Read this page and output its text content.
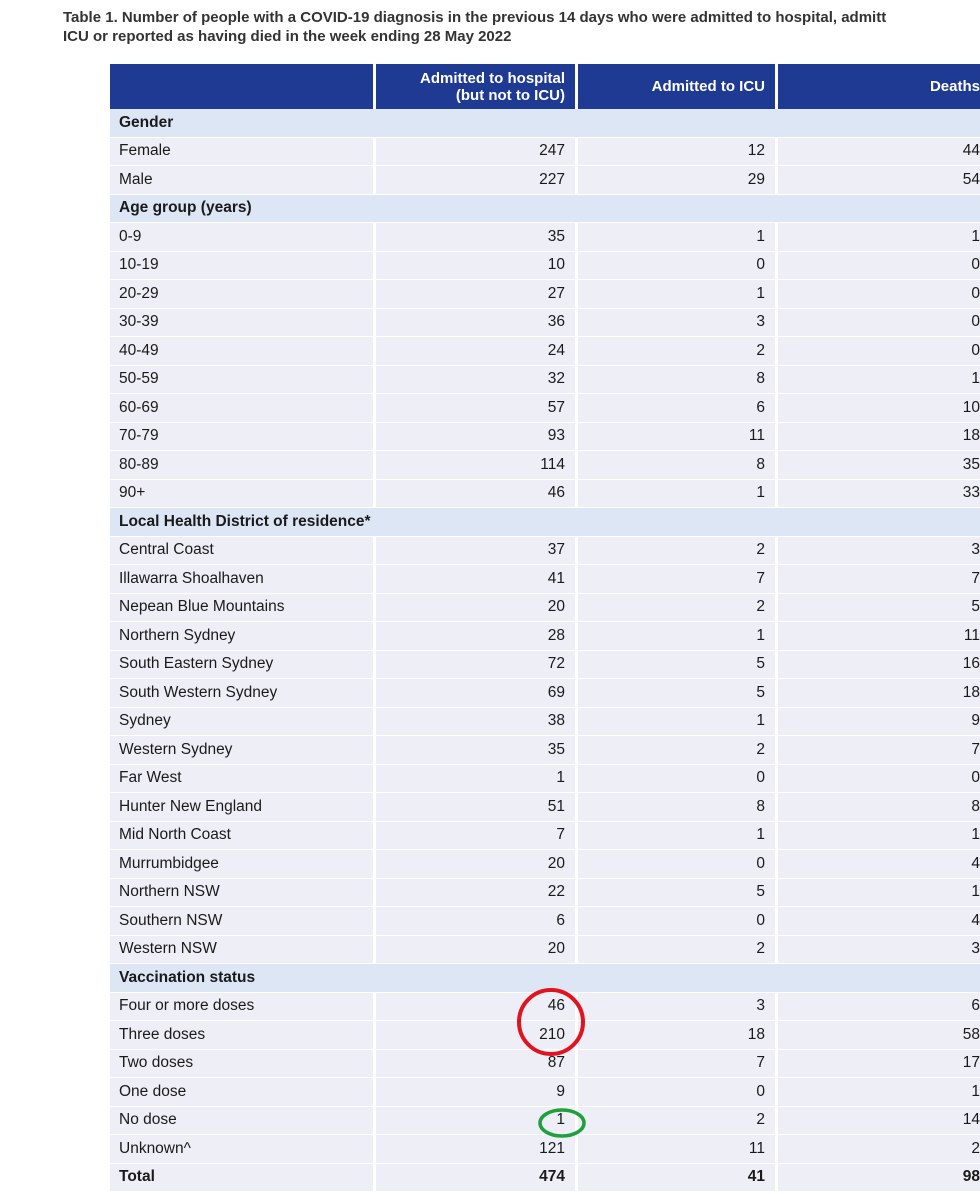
Table 1. Number of people with a COVID-19 diagnosis in the previous 14 days who were admitted to hospital, admitt
ICU or reported as having died in the week ending 28 May 2022

	Admitted to hospital
(but not to ICU)	Admitted to ICU	Deaths
Gender			
Female	247	12	44
Male	227	29	54
Age group (years)			
0-9	35	1	1
10-19	10	0	0
20-29	27	1	0
30-39	36	3	0
40-49	24	2	0
50-59	32	8	1
60-69	57	6	10
70-79	93	11	18
80-89	114	8	35
90+	46	1	33
Local Health District of residence*			
Central Coast	37	2	3
Illawarra Shoalhaven	41	7	7
Nepean Blue Mountains	20	2	5
Northern Sydney	28	1	11
South Eastern Sydney	72	5	16
South Western Sydney	69	5	18
Sydney	38	1	9
Western Sydney	35	2	7
Far West	1	0	0
Hunter New England	51	8	8
Mid North Coast	7	1	1
Murrumbidgee	20	0	4
Northern NSW	22	5	1
Southern NSW	6	0	4
Western NSW	20	2	3
Vaccination status			
Four or more doses	46	3	6
Three doses	210	18	58
Two doses	87	7	17
One dose	9	0	1
No dose	1	2	14
Unknown^	121	11	2
Total	474	41	98
